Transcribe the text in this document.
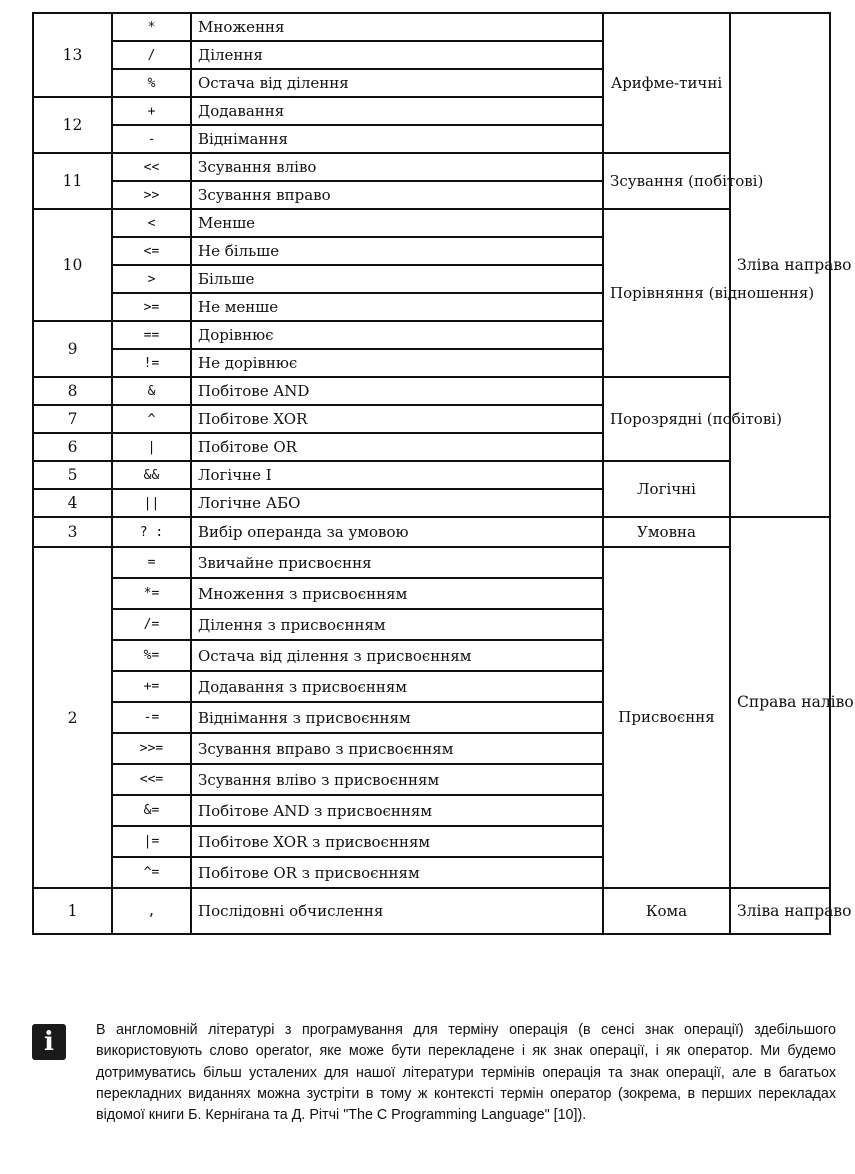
13	*	Множення	Арифме-тичні	Зліва направо
	/	Ділення		
	%	Остача від ділення		
12	+	Додавання		
	-	Віднімання		
11	<<	Зсування вліво	Зсування (побітові)	
	>>	Зсування вправо		
10	<	Менше	Порівняння (відношення)	
	<=	Не більше		
	>	Більше		
	>=	Не менше		
9	==	Дорівнює		
	!=	Не дорівнює		
8	&	Побітове AND	Порозрядні (побітові)	
7	^	Побітове XOR		
6	|	Побітове OR		
5	&&	Логічне І	Логічні	
4	||	Логічне АБО		
3	? :	Вибір операнда за умовою	Умовна	Справа наліво
2	=	Звичайне присвоєння	Присвоєння	
	*=	Множення з присвоєнням		
	/=	Ділення з присвоєнням		
	%=	Остача від ділення з присвоєнням		
	+=	Додавання з присвоєнням		
	-=	Віднімання з присвоєнням		
	>>=	Зсування вправо з присвоєнням		
	<<=	Зсування вліво з присвоєнням		
	&=	Побітове AND з присвоєнням		
	|=	Побітове XOR з присвоєнням		
	^=	Побітове OR з присвоєнням		
1	,	Послідовні обчислення	Кома	Зліва направо
i	В англомовній літературі з програмування для терміну операція (в сенсі знак операції) здебільшого використовують слово operator, яке може бути перекладене і як знак операції, і як оператор. Ми будемо дотримуватись більш усталених для нашої літератури термінів операція та знак операції, але в багатьох перекладних виданнях можна зустріти в тому ж контексті термін оператор (зокрема, в перших перекладах відомої книги Б. Кернігана та Д. Рітчі "The C Programming Language" [10]).
